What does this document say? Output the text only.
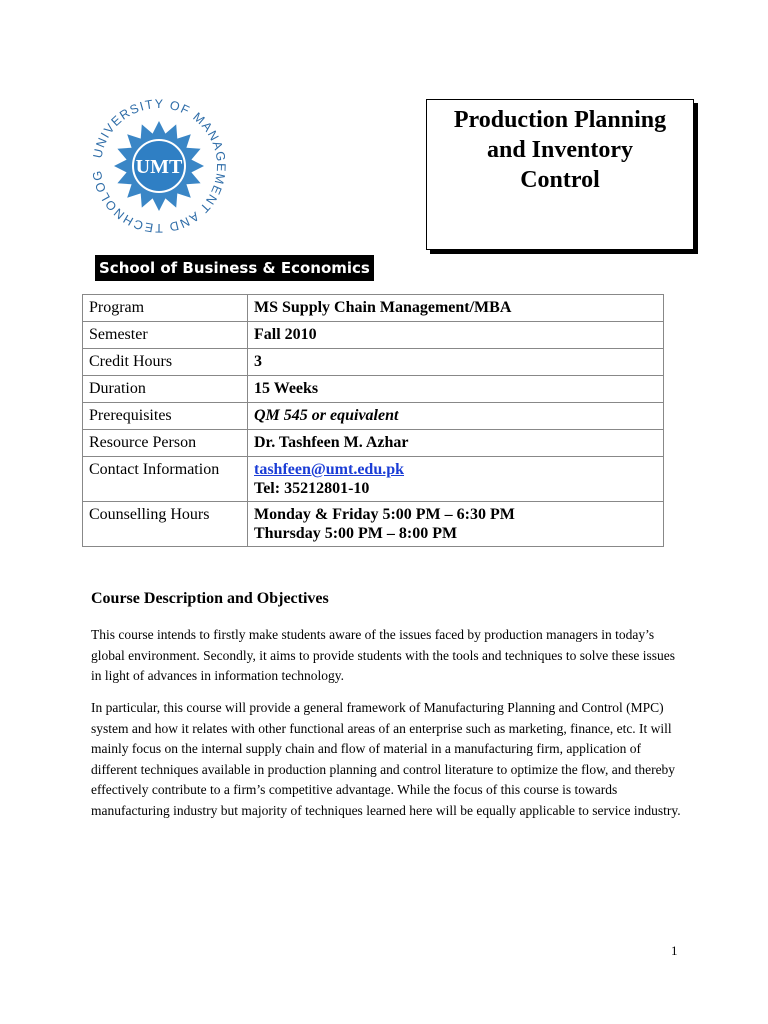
UNIVERSITY OF MANAGEMENT AND TECHNOLOG	UMT
Production Planning
and Inventory
Control
School of Business & Economics
Program	MS Supply Chain Management/MBA
Semester	Fall 2010
Credit Hours	3
Duration	15 Weeks
Prerequisites	QM 545 or equivalent
Resource Person	Dr. Tashfeen M. Azhar
Contact Information	tashfeen@umt.edu.pk
Tel: 35212801-10
Counselling Hours	Monday & Friday 5:00 PM – 6:30 PM
Thursday 5:00 PM – 8:00 PM
Course Description and Objectives

This course intends to firstly make students aware of the issues faced by production managers in today’s global environment. Secondly, it aims to provide students with the tools and techniques to solve these issues in light of advances in information technology.

In particular, this course will provide a general framework of Manufacturing Planning and Control (MPC) system and how it relates with other functional areas of an enterprise such as marketing, finance, etc. It will mainly focus on the internal supply chain and flow of material in a manufacturing firm, application of different techniques available in production planning and control literature to optimize the flow, and thereby effectively contribute to a firm’s competitive advantage. While the focus of this course is towards manufacturing industry but majority of techniques learned here will be equally applicable to service industry.

1
